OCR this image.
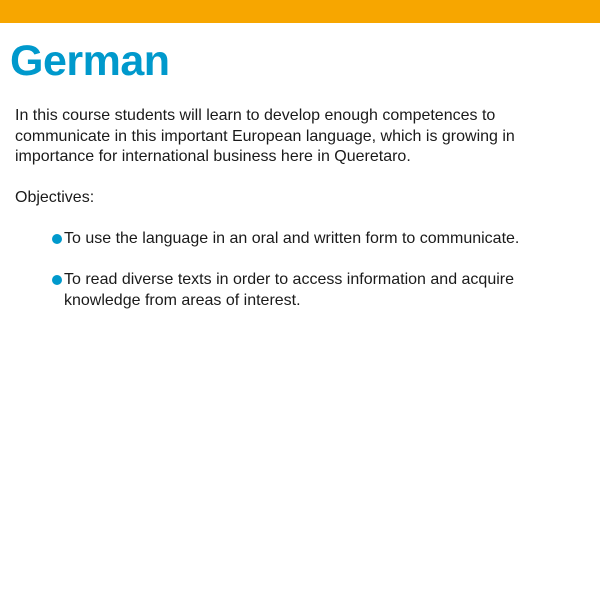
German

In this course students will learn to develop enough competences to communicate in this important European language, which is growing in importance for international business here in Queretaro.

Objectives:

To use the language in an oral and written form to communicate.
To read diverse texts in order to access information and acquire knowledge from areas of interest.
